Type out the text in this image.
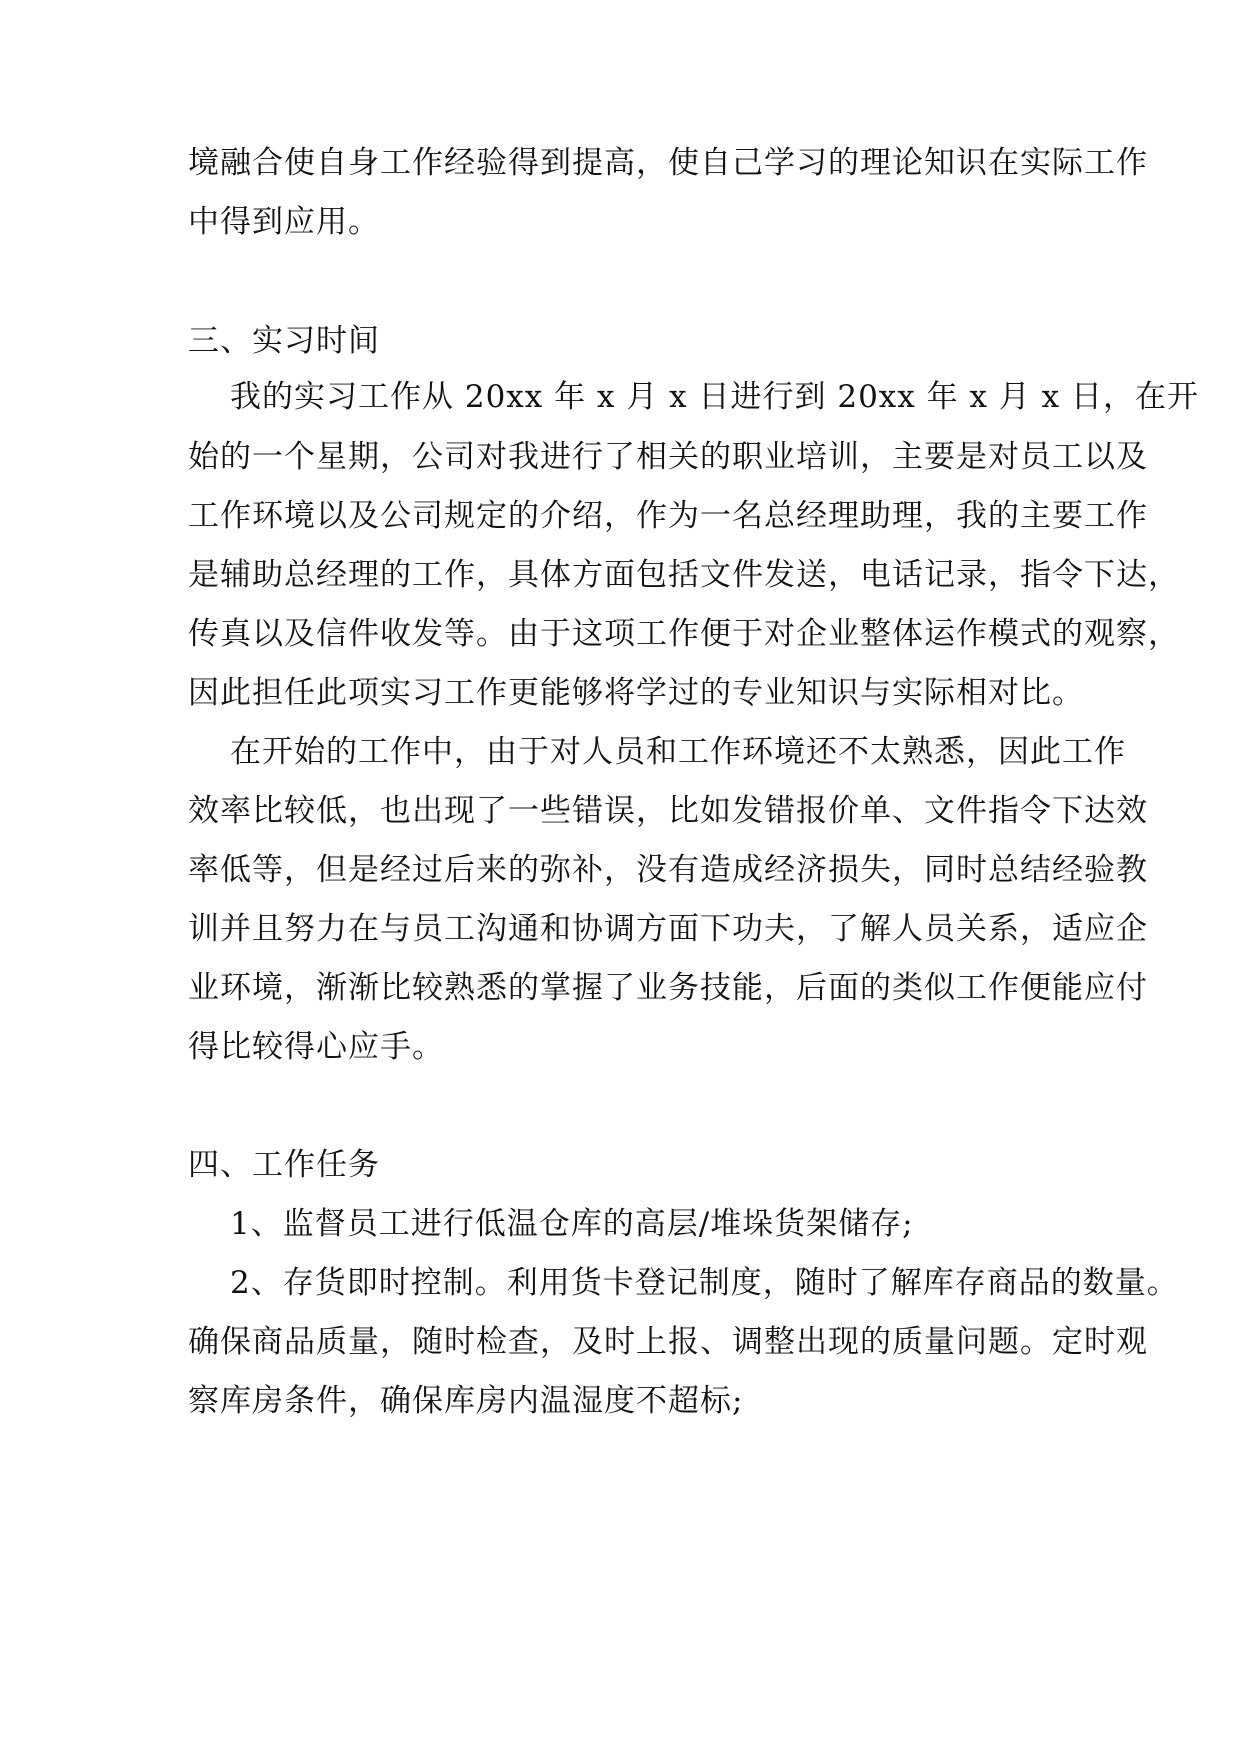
境融合使自身工作经验得到提高，使自己学习的理论知识在实际工作
中得到应用。
三、实习时间
我的实习工作从 20xx 年 x 月 x 日进行到 20xx 年 x 月 x 日，在开
始的一个星期，公司对我进行了相关的职业培训，主要是对员工以及
工作环境以及公司规定的介绍，作为一名总经理助理，我的主要工作
是辅助总经理的工作，具体方面包括文件发送，电话记录，指令下达，
传真以及信件收发等。由于这项工作便于对企业整体运作模式的观察，
因此担任此项实习工作更能够将学过的专业知识与实际相对比。
在开始的工作中，由于对人员和工作环境还不太熟悉，因此工作
效率比较低，也出现了一些错误，比如发错报价单、文件指令下达效
率低等，但是经过后来的弥补，没有造成经济损失，同时总结经验教
训并且努力在与员工沟通和协调方面下功夫，了解人员关系，适应企
业环境，渐渐比较熟悉的掌握了业务技能，后面的类似工作便能应付
得比较得心应手。
四、工作任务
1、监督员工进行低温仓库的高层/堆垛货架储存;
2、存货即时控制。利用货卡登记制度，随时了解库存商品的数量。
确保商品质量，随时检查，及时上报、调整出现的质量问题。定时观
察库房条件，确保库房内温湿度不超标;
